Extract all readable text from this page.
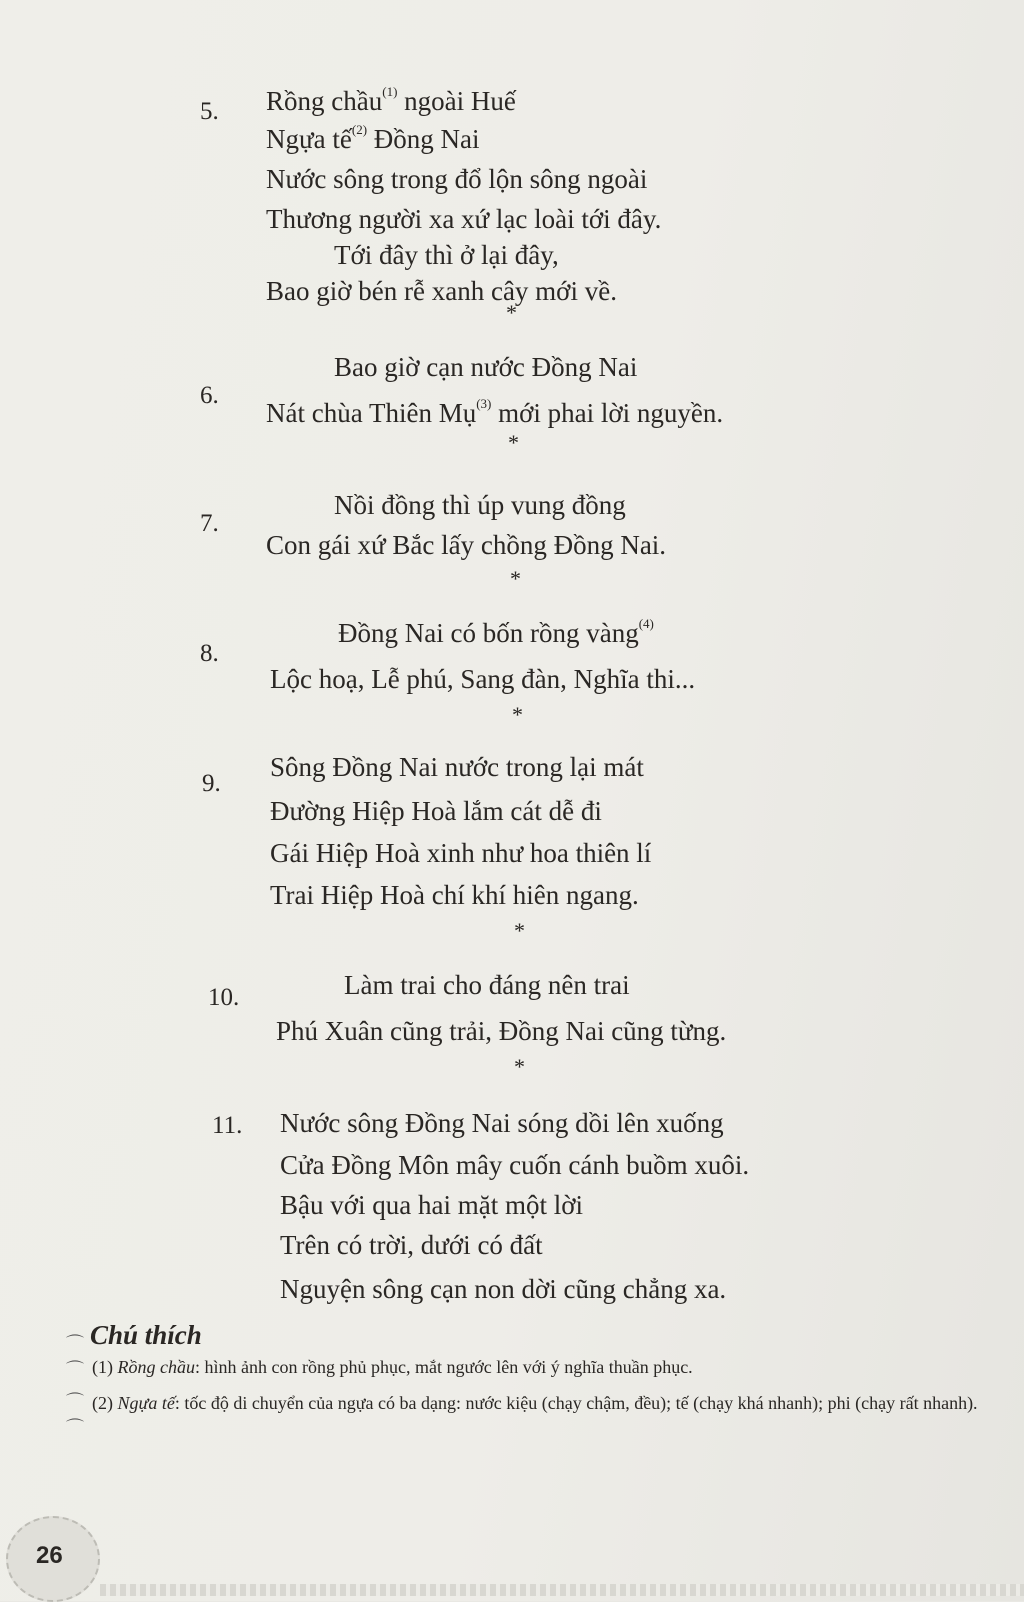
5. Rồng chầu$^{(1)}$ ngoài Huế
Ngựa tế$^{(2)}$ Đồng Nai
Nước sông trong đổ lộn sông ngoài
Thương người xa xứ lạc loài tới đây.
Tới đây thì ở lại đây,
Bao giờ bén rễ xanh cây mới về.
*
6.
Bao giờ cạn nước Đồng Nai
Nát chùa Thiên Mụ$^{(3)}$ mới phai lời nguyền.
*
7.
Nồi đồng thì úp vung đồng
Con gái xứ Bắc lấy chồng Đồng Nai.
*
8.
Đồng Nai có bốn rồng vàng$^{(4)}$
Lộc hoạ, Lễ phú, Sang đàn, Nghĩa thi...
*
9.
Sông Đồng Nai nước trong lại mát
Đường Hiệp Hoà lắm cát dễ đi
Gái Hiệp Hoà xinh như hoa thiên lí
Trai Hiệp Hoà chí khí hiên ngang.
*
10.	Làm trai cho đáng nên trai
Phú Xuân cũng trải, Đồng Nai cũng từng.
*
11. Nước sông Đồng Nai sóng dồi lên xuống
Cửa Đồng Môn mây cuốn cánh buồm xuôi.
Bậu với qua hai mặt một lời
Trên có trời, dưới có đất
Nguyện sông cạn non dời cũng chẳng xa.
Chú thích
⌒
⌒
⌒
⌒
(1) Rồng chầu: hình ảnh con rồng phủ phục, mắt ngước lên với ý nghĩa thuần phục.
(2) Ngựa tế: tốc độ di chuyển của ngựa có ba dạng: nước kiệu (chạy chậm, đều); tế (chạy khá nhanh); phi (chạy rất nhanh).
26
